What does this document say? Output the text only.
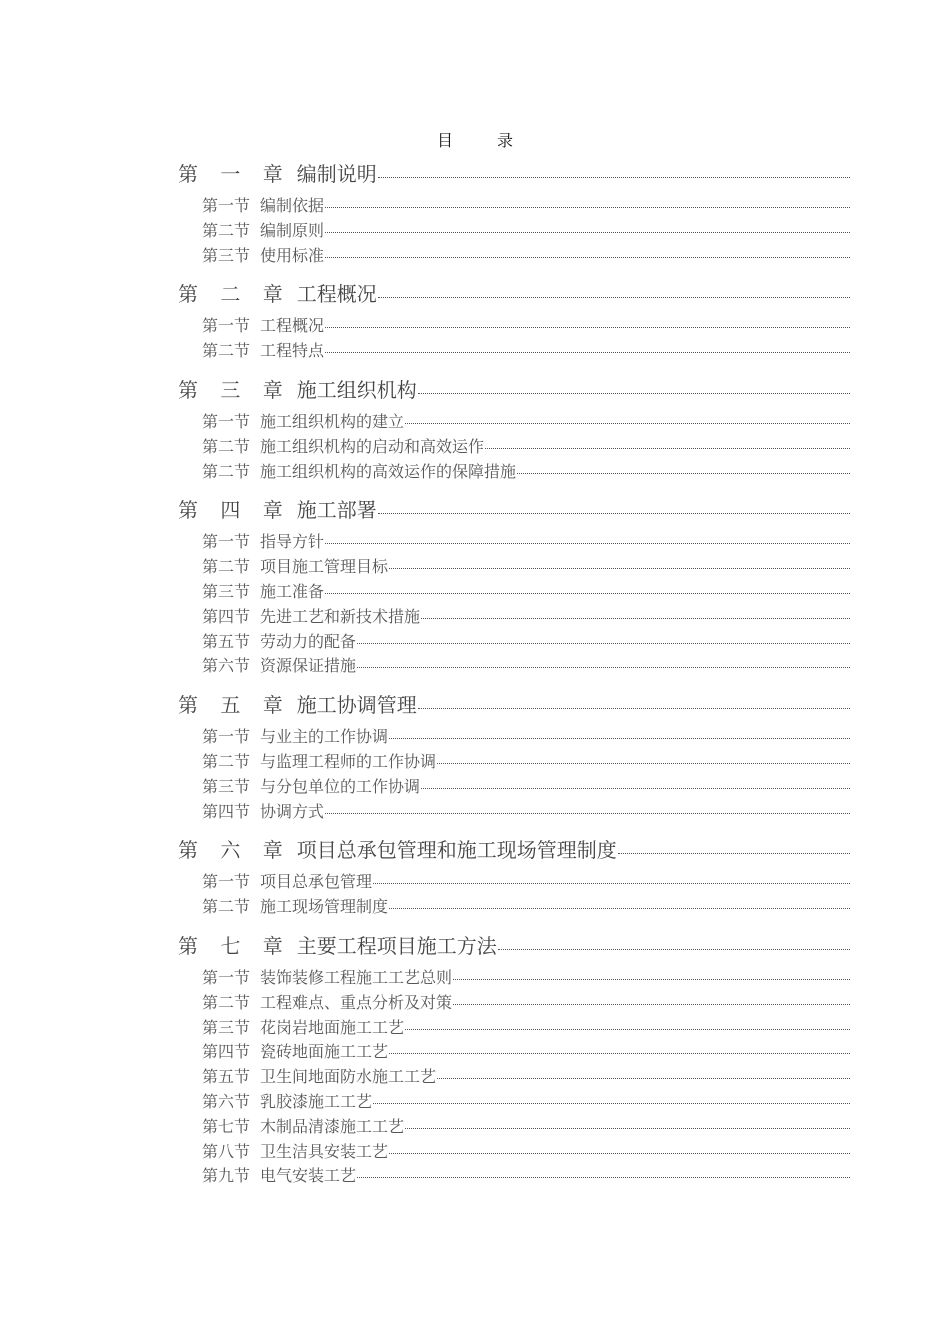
目　录
第 一 章 编制说明
第一节 编制依据
第二节 编制原则
第三节 使用标准
第 二 章 工程概况
第一节 工程概况
第二节 工程特点
第 三 章 施工组织机构
第一节 施工组织机构的建立
第二节 施工组织机构的启动和高效运作
第二节 施工组织机构的高效运作的保障措施
第 四 章 施工部署
第一节 指导方针
第二节 项目施工管理目标
第三节 施工准备
第四节 先进工艺和新技术措施
第五节 劳动力的配备
第六节 资源保证措施
第 五 章 施工协调管理
第一节 与业主的工作协调
第二节 与监理工程师的工作协调
第三节 与分包单位的工作协调
第四节 协调方式
第 六 章 项目总承包管理和施工现场管理制度
第一节 项目总承包管理
第二节 施工现场管理制度
第 七 章 主要工程项目施工方法
第一节 装饰装修工程施工工艺总则
第二节 工程难点、重点分析及对策
第三节 花岗岩地面施工工艺
第四节 瓷砖地面施工工艺
第五节 卫生间地面防水施工工艺
第六节 乳胶漆施工工艺
第七节 木制品清漆施工工艺
第八节 卫生洁具安装工艺
第九节 电气安装工艺
